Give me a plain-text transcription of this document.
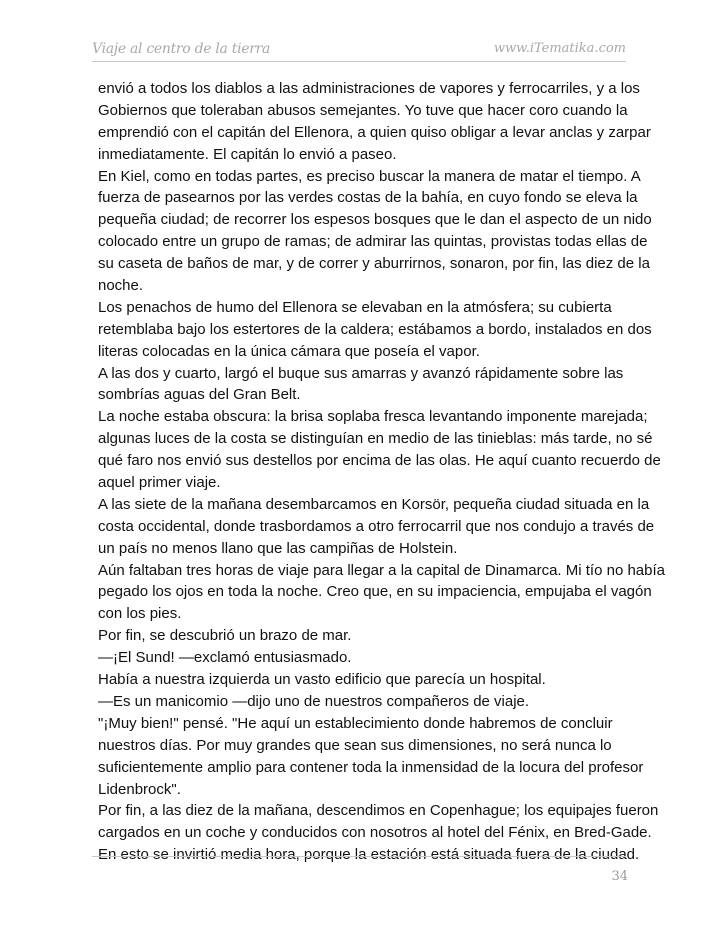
Viaje al centro de la tierra	www.iTematika.com
envió a todos los diablos a las administraciones de vapores y ferrocarriles, y a los
Gobiernos que toleraban abusos semejantes. Yo tuve que hacer coro cuando la
emprendió con el capitán del Ellenora, a quien quiso obligar a levar anclas y zarpar
inmediatamente. El capitán lo envió a paseo.
En Kiel, como en todas partes, es preciso buscar la manera de matar el tiempo. A
fuerza de pasearnos por las verdes costas de la bahía, en cuyo fondo se eleva la
pequeña ciudad; de recorrer los espesos bosques que le dan el aspecto de un nido
colocado entre un grupo de ramas; de admirar las quintas, provistas todas ellas de
su caseta de baños de mar, y de correr y aburrirnos, sonaron, por fin, las diez de la
noche.
Los penachos de humo del Ellenora se elevaban en la atmósfera; su cubierta
retemblaba bajo los estertores de la caldera; estábamos a bordo, instalados en dos
literas colocadas en la única cámara que poseía el vapor.
A las dos y cuarto, largó el buque sus amarras y avanzó rápidamente sobre las
sombrías aguas del Gran Belt.
La noche estaba obscura: la brisa soplaba fresca levantando imponente marejada;
algunas luces de la costa se distinguían en medio de las tinieblas: más tarde, no sé
qué faro nos envió sus destellos por encima de las olas. He aquí cuanto recuerdo de
aquel primer viaje.
A las siete de la mañana desembarcamos en Korsör, pequeña ciudad situada en la
costa occidental, donde trasbordamos a otro ferrocarril que nos condujo a través de
un país no menos llano que las campiñas de Holstein.
Aún faltaban tres horas de viaje para llegar a la capital de Dinamarca. Mi tío no había
pegado los ojos en toda la noche. Creo que, en su impaciencia, empujaba el vagón
con los pies.
Por fin, se descubrió un brazo de mar.
—¡El Sund! —exclamó entusiasmado.
Había a nuestra izquierda un vasto edificio que parecía un hospital.
—Es un manicomio —dijo uno de nuestros compañeros de viaje.
"¡Muy bien!" pensé. "He aquí un establecimiento donde habremos de concluir
nuestros días. Por muy grandes que sean sus dimensiones, no será nunca lo
suficientemente amplio para contener toda la inmensidad de la locura del profesor
Lidenbrock".
Por fin, a las diez de la mañana, descendimos en Copenhague; los equipajes fueron
cargados en un coche y conducidos con nosotros al hotel del Fénix, en Bred-Gade.
En esto se invirtió media hora, porque la estación está situada fuera de la ciudad.
34
